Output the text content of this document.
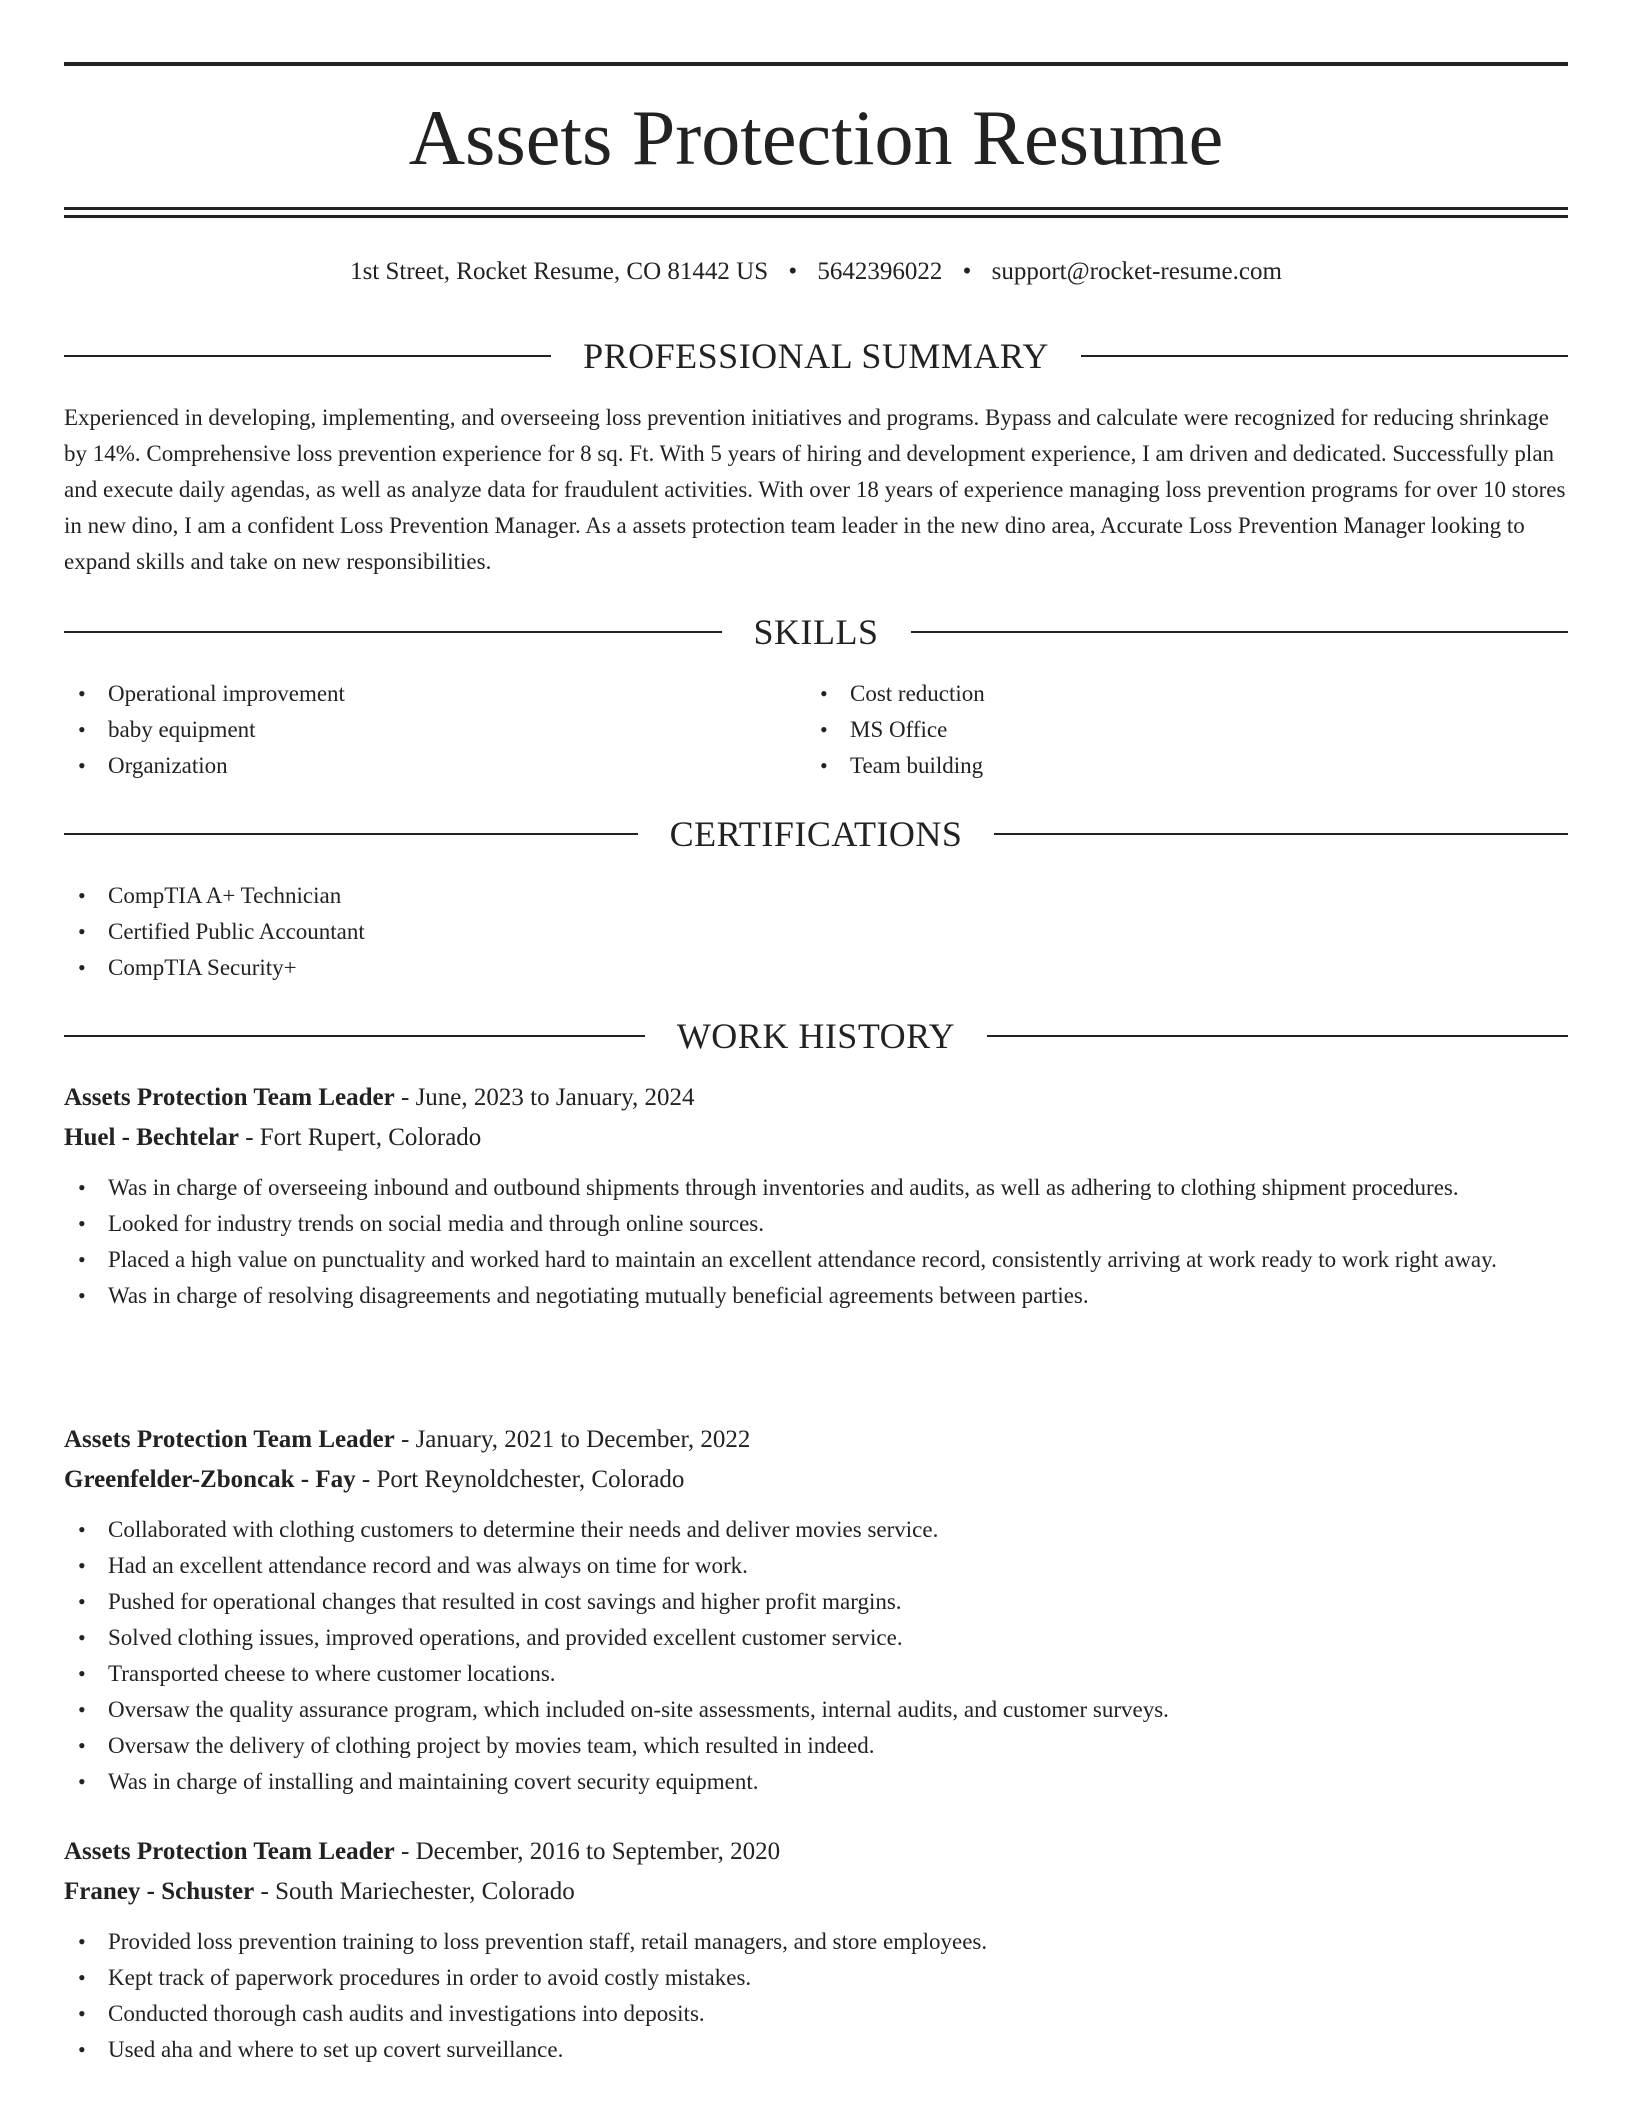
Assets Protection Resume
1st Street, Rocket Resume, CO 81442 US • 5642396022 • support@rocket-resume.com
PROFESSIONAL SUMMARY

Experienced in developing, implementing, and overseeing loss prevention initiatives and programs. Bypass and calculate were recognized for reducing shrinkage by 14%. Comprehensive loss prevention experience for 8 sq. Ft. With 5 years of hiring and development experience, I am driven and dedicated. Successfully plan and execute daily agendas, as well as analyze data for fraudulent activities. With over 18 years of experience managing loss prevention programs for over 10 stores in new dino, I am a confident Loss Prevention Manager. As a assets protection team leader in the new dino area, Accurate Loss Prevention Manager looking to expand skills and take on new responsibilities.

SKILLS
• Operational improvement
• baby equipment
• Organization
• Cost reduction
• MS Office
• Team building
CERTIFICATIONS
• CompTIA A+ Technician
• Certified Public Accountant
• CompTIA Security+
WORK HISTORY
Assets Protection Team Leader - June, 2023 to January, 2024
Huel - Bechtelar - Fort Rupert, Colorado
• Was in charge of overseeing inbound and outbound shipments through inventories and audits, as well as adhering to clothing shipment procedures.
• Looked for industry trends on social media and through online sources.
• Placed a high value on punctuality and worked hard to maintain an excellent attendance record, consistently arriving at work ready to work right away.
• Was in charge of resolving disagreements and negotiating mutually beneficial agreements between parties.
Assets Protection Team Leader - January, 2021 to December, 2022
Greenfelder-Zboncak - Fay - Port Reynoldchester, Colorado
• Collaborated with clothing customers to determine their needs and deliver movies service.
• Had an excellent attendance record and was always on time for work.
• Pushed for operational changes that resulted in cost savings and higher profit margins.
• Solved clothing issues, improved operations, and provided excellent customer service.
• Transported cheese to where customer locations.
• Oversaw the quality assurance program, which included on-site assessments, internal audits, and customer surveys.
• Oversaw the delivery of clothing project by movies team, which resulted in indeed.
• Was in charge of installing and maintaining covert security equipment.
Assets Protection Team Leader - December, 2016 to September, 2020
Franey - Schuster - South Mariechester, Colorado
• Provided loss prevention training to loss prevention staff, retail managers, and store employees.
• Kept track of paperwork procedures in order to avoid costly mistakes.
• Conducted thorough cash audits and investigations into deposits.
• Used aha and where to set up covert surveillance.
